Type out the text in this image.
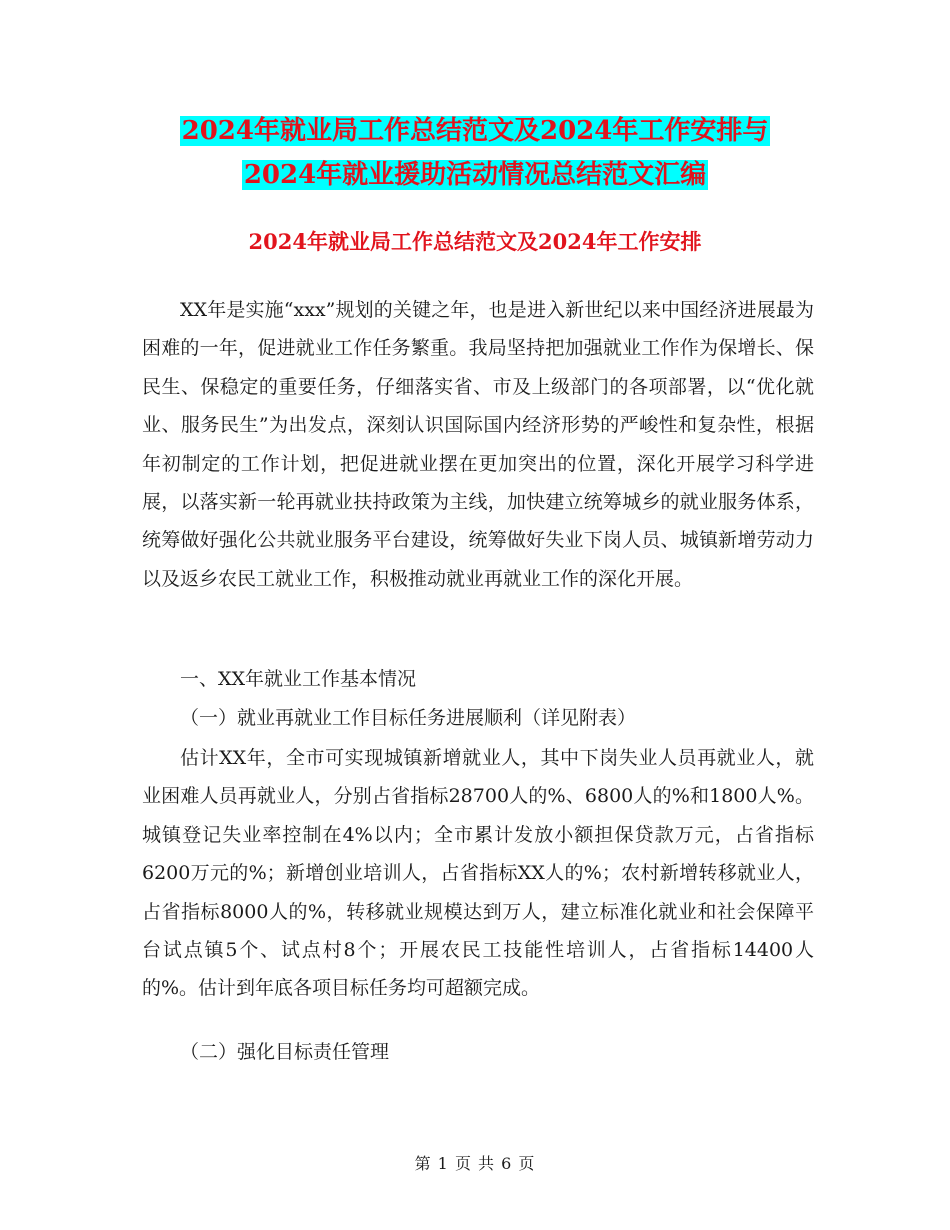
2024年就业局工作总结范文及2024年工作安排与
2024年就业援助活动情况总结范文汇编
2024年就业局工作总结范文及2024年工作安排

XX年是实施“xxx”规划的关键之年，也是进入新世纪以来中国经济进展最为困难的一年，促进就业工作任务繁重。我局坚持把加强就业工作作为保增长、保民生、保稳定的重要任务，仔细落实省、市及上级部门的各项部署，以“优化就业、服务民生”为出发点，深刻认识国际国内经济形势的严峻性和复杂性，根据年初制定的工作计划，把促进就业摆在更加突出的位置，深化开展学习科学进展，以落实新一轮再就业扶持政策为主线，加快建立统筹城乡的就业服务体系，统筹做好强化公共就业服务平台建设，统筹做好失业下岗人员、城镇新增劳动力以及返乡农民工就业工作，积极推动就业再就业工作的深化开展。

一、XX年就业工作基本情况
（一）就业再就业工作目标任务进展顺利（详见附表）

估计XX年，全市可实现城镇新增就业人，其中下岗失业人员再就业人，就业困难人员再就业人，分别占省指标28700人的%、6800人的%和1800人%。城镇登记失业率控制在4%以内；全市累计发放小额担保贷款万元，占省指标6200万元的%；新增创业培训人，占省指标XX人的%；农村新增转移就业人，占省指标8000人的%，转移就业规模达到万人，建立标准化就业和社会保障平台试点镇5个、试点村8个；开展农民工技能性培训人，占省指标14400人的%。估计到年底各项目标任务均可超额完成。

（二）强化目标责任管理
第 1 页 共 6 页
